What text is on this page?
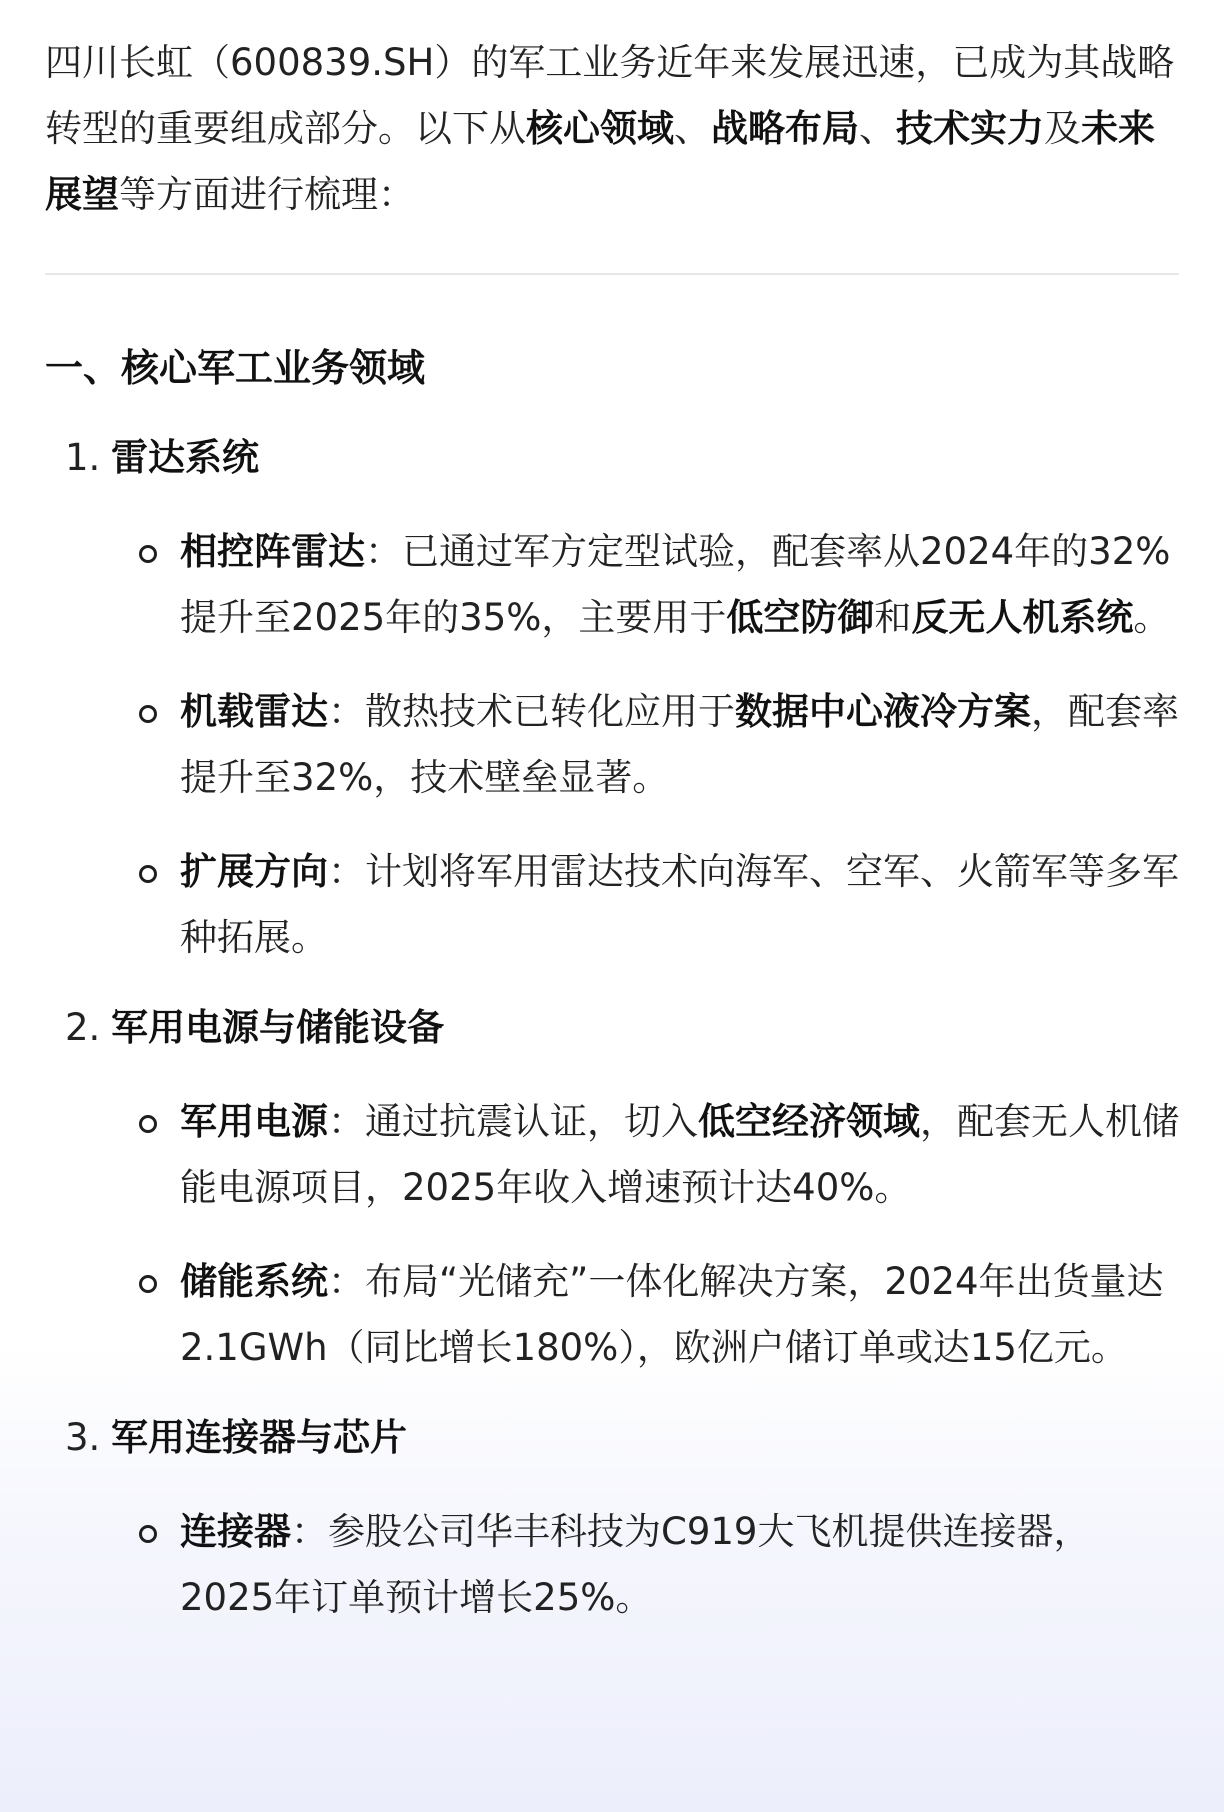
四川长虹（600839.SH）的军工业务近年来发展迅速，已成为其战略转型的重要组成部分。以下从核心领域、战略布局、技术实力及未来展望等方面进行梳理：

一、核心军工业务领域
1. 雷达系统
相控阵雷达：已通过军方定型试验，配套率从2024年的32%提升至2025年的35%，主要用于低空防御和反无人机系统。
机载雷达：散热技术已转化应用于数据中心液冷方案，配套率提升至32%，技术壁垒显著。
扩展方向：计划将军用雷达技术向海军、空军、火箭军等多军种拓展。
2. 军用电源与储能设备
军用电源：通过抗震认证，切入低空经济领域，配套无人机储能电源项目，2025年收入增速预计达40%。
储能系统：布局“光储充”一体化解决方案，2024年出货量达2.1GWh（同比增长180%），欧洲户储订单或达15亿元。
3. 军用连接器与芯片
连接器：参股公司华丰科技为C919大飞机提供连接器，2025年订单预计增长25%。
